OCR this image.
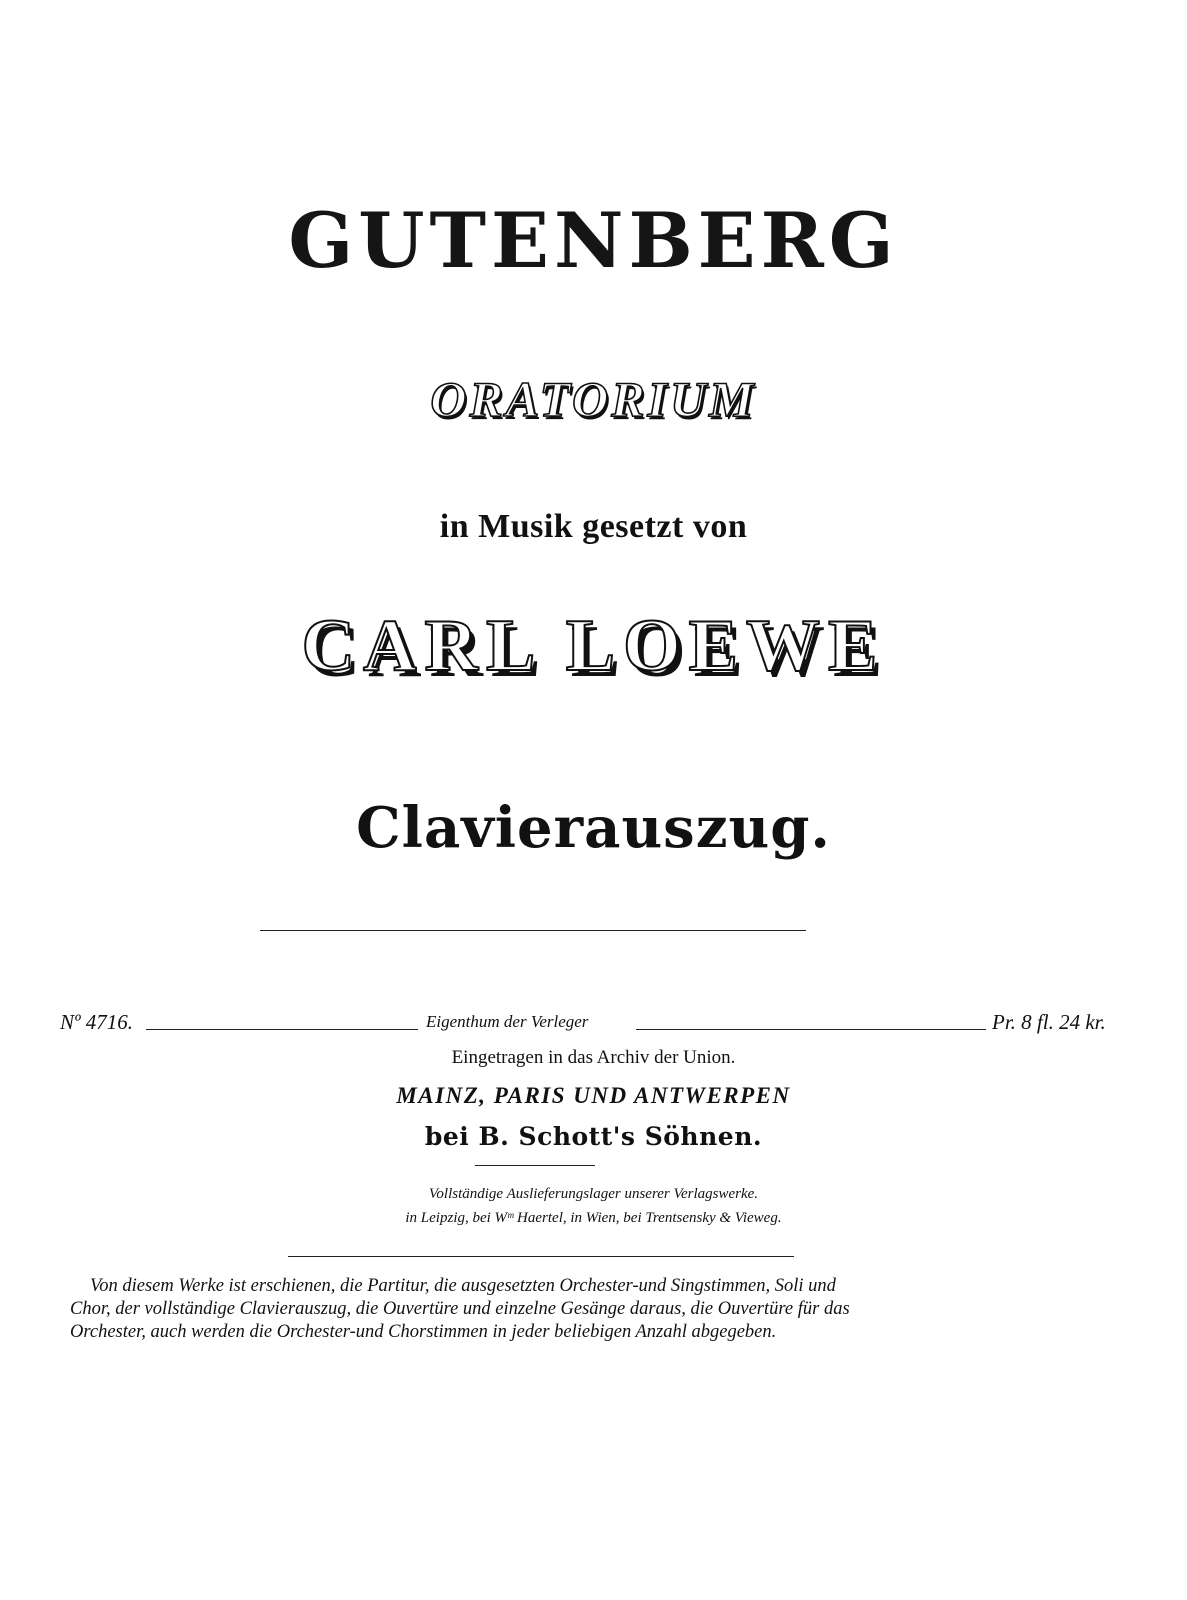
GUTENBERG
ORATORIUM
in Musik gesetzt von
CARL LOEWE
Clavierauszug.
Nº 4716.	Eigenthum der Verleger	Pr. 8 fl. 24 kr.
Eingetragen in das Archiv der Union.
MAINZ, PARIS UND ANTWERPEN
bei B. Schott's Söhnen.
Vollständige Auslieferungslager unserer Verlagswerke.
in Leipzig, bei Wᵐ Haertel, in Wien, bei Trentsensky & Vieweg.
Von diesem Werke ist erschienen, die Partitur, die ausgesetzten Orchester-und Singstimmen, Soli und
Chor, der vollständige Clavierauszug, die Ouvertüre und einzelne Gesänge daraus, die Ouvertüre für das
Orchester, auch werden die Orchester-und Chorstimmen in jeder beliebigen Anzahl abgegeben.
